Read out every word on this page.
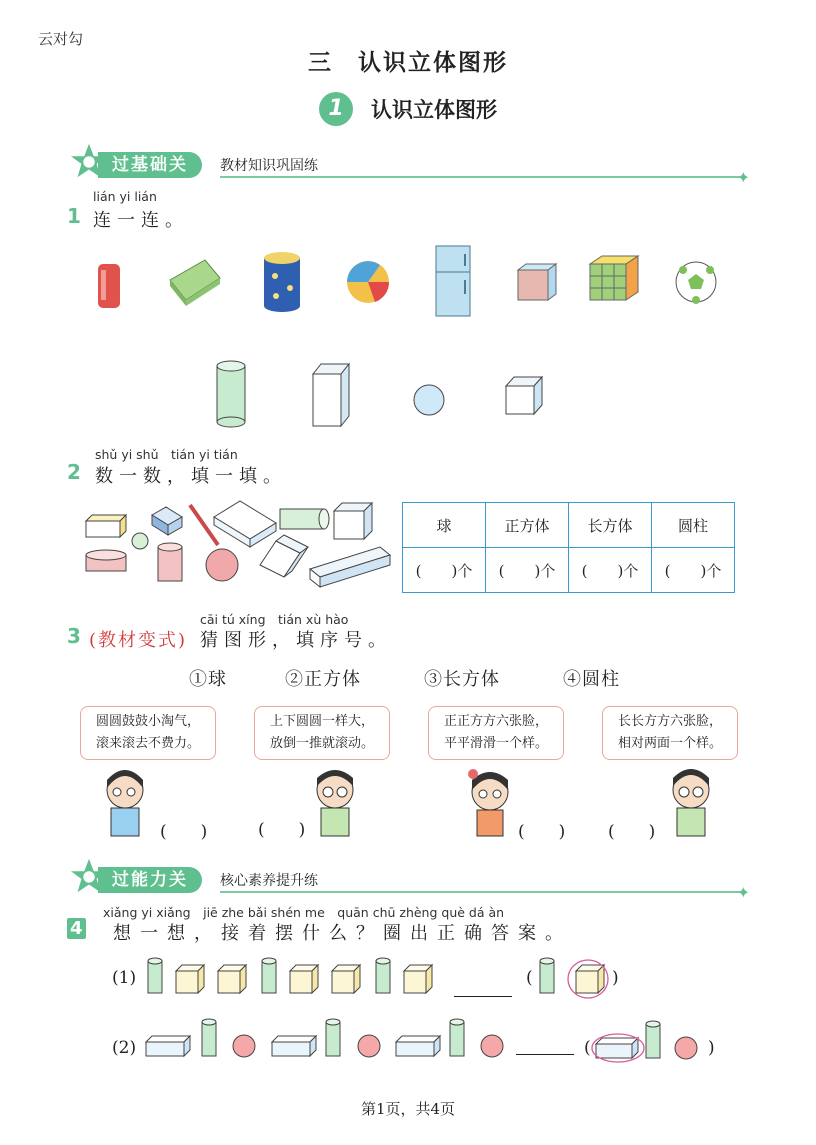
云对勾
三　认识立体图形
1 认识立体图形
过基础关	教材知识巩固练
✦
lián yi lián
1 连一连。
shǔ yi shǔ　tián yi tián
2 数一数，填一填。
球	正方体	长方体	圆柱
(　　)个	(　　)个	(　　)个	(　　)个
cāi tú xíng　tián xù hào
3 (教材变式) 猜图形，填序号。
①球	②正方体	③长方体	④圆柱
圆圆鼓鼓小淘气，
滚来滚去不费力。
上下圆圆一样大，
放倒一推就滚动。
正正方方六张脸，
平平滑滑一个样。
长长方方六张脸，
相对两面一个样。
(　　)	(　　)	(　　)	(　　)
过能力关	核心素养提升练
✦
xiǎng yi xiǎng　jiē zhe bǎi shén me　quān chū zhèng què dá àn
4 想一想，接着摆什么？圈出正确答案。
(1)	(	)
(2)	(	)
第1页，共4页
